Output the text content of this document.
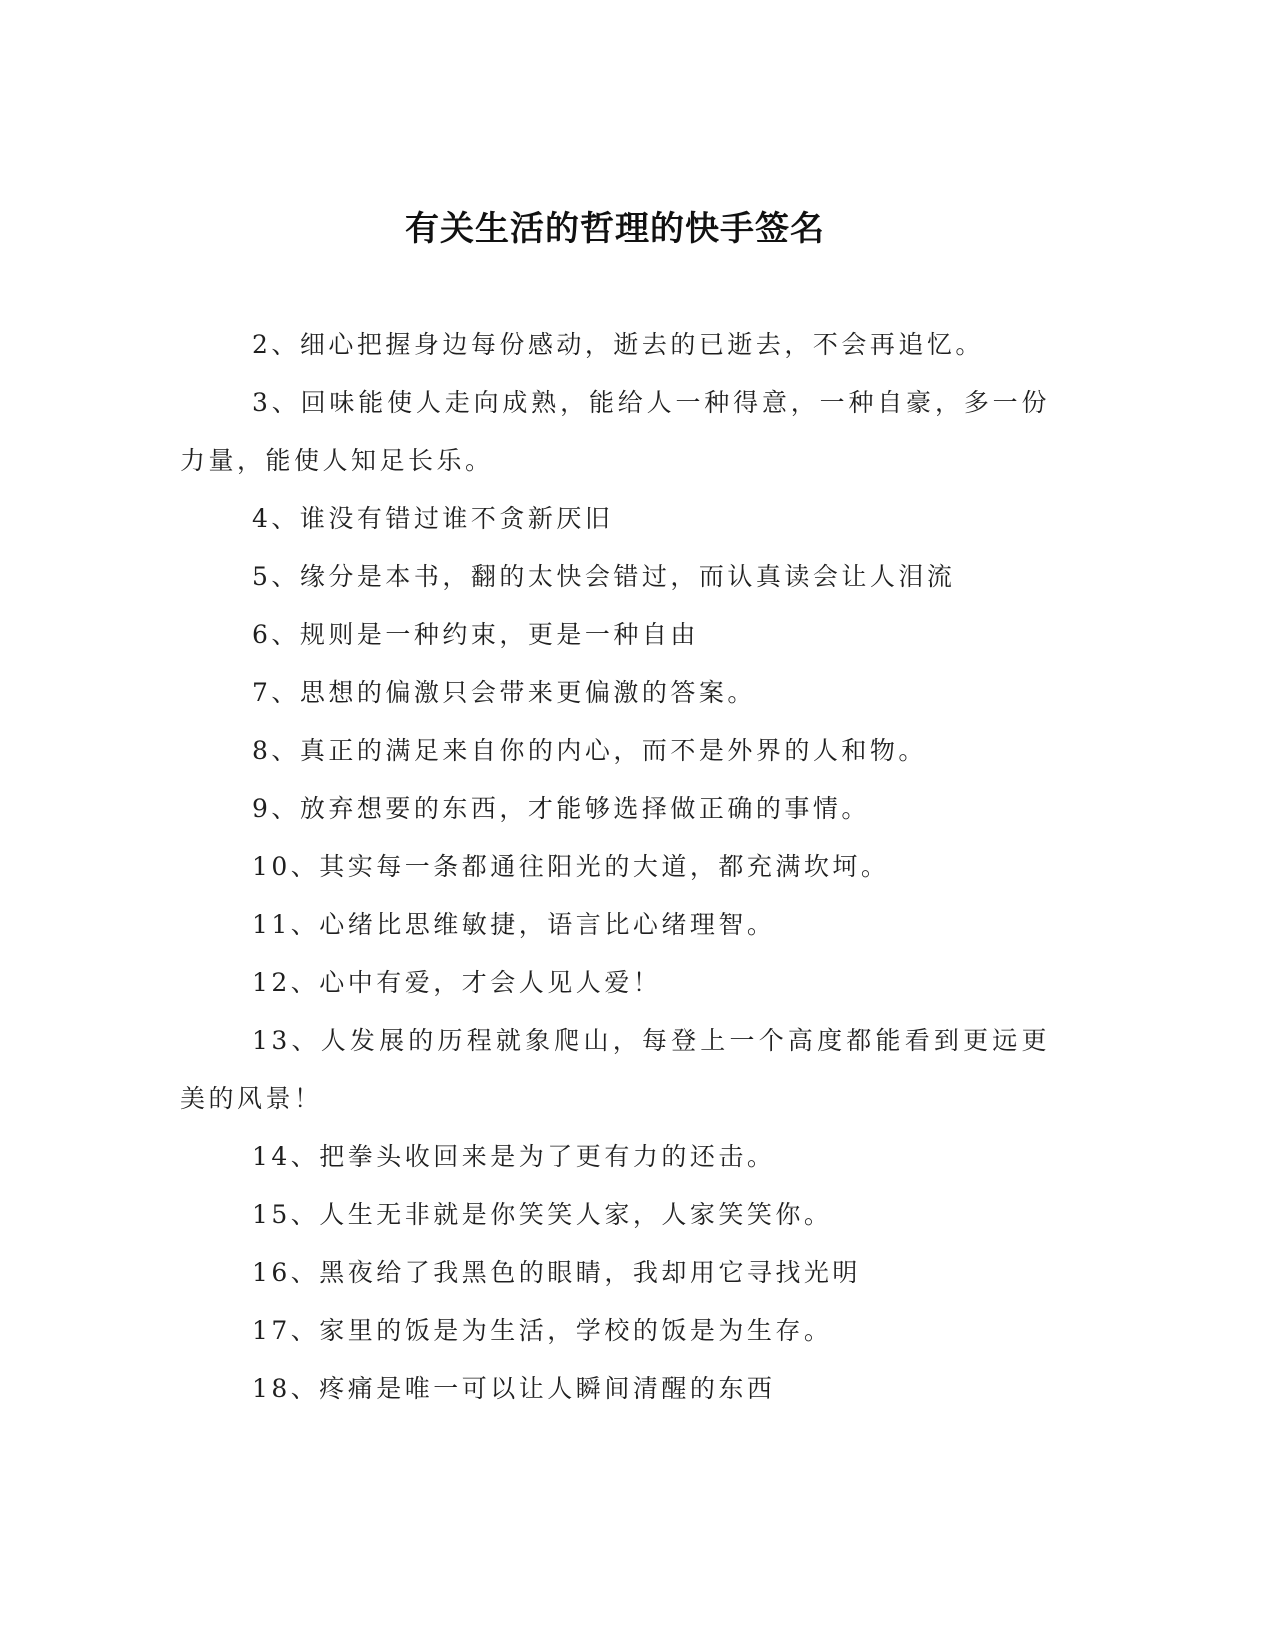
有关生活的哲理的快手签名

2、细心把握身边每份感动，逝去的已逝去，不会再追忆。

3、回味能使人走向成熟，能给人一种得意，一种自豪，多一份力量，能使人知足长乐。

4、谁没有错过谁不贪新厌旧

5、缘分是本书，翻的太快会错过，而认真读会让人泪流

6、规则是一种约束，更是一种自由

7、思想的偏激只会带来更偏激的答案。

8、真正的满足来自你的内心，而不是外界的人和物。

9、放弃想要的东西，才能够选择做正确的事情。

10、其实每一条都通往阳光的大道，都充满坎坷。

11、心绪比思维敏捷，语言比心绪理智。

12、心中有爱，才会人见人爱！

13、人发展的历程就象爬山，每登上一个高度都能看到更远更美的风景！

14、把拳头收回来是为了更有力的还击。

15、人生无非就是你笑笑人家，人家笑笑你。

16、黑夜给了我黑色的眼睛，我却用它寻找光明

17、家里的饭是为生活，学校的饭是为生存。

18、疼痛是唯一可以让人瞬间清醒的东西
